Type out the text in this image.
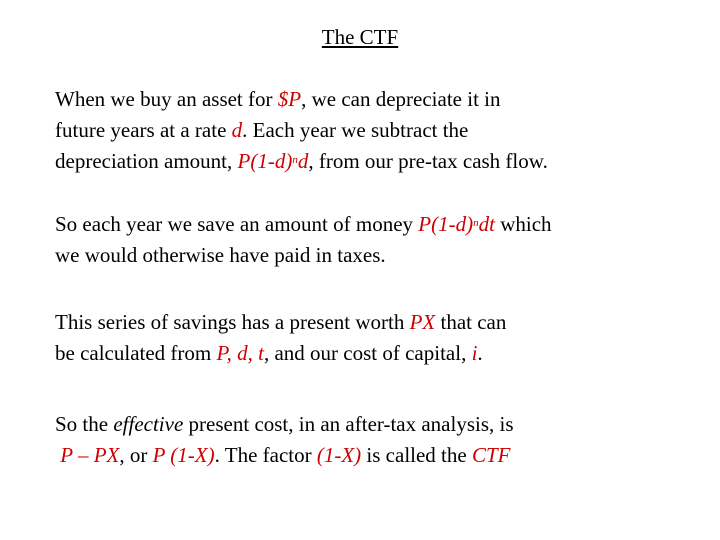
The CTF
When we buy an asset for $P, we can depreciate it in
future years at a rate d. Each year we subtract the
depreciation amount, $P(1-d)^nd$, from our pre-tax cash flow.
So each year we save an amount of money $P(1-d)^ndt$ which
we would otherwise have paid in taxes.
This series of savings has a present worth PX that can
be calculated from P, d, t, and our cost of capital, i.
So the effective present cost, in an after-tax analysis, is
P – PX, or P (1-X). The factor (1-X) is called the CTF
